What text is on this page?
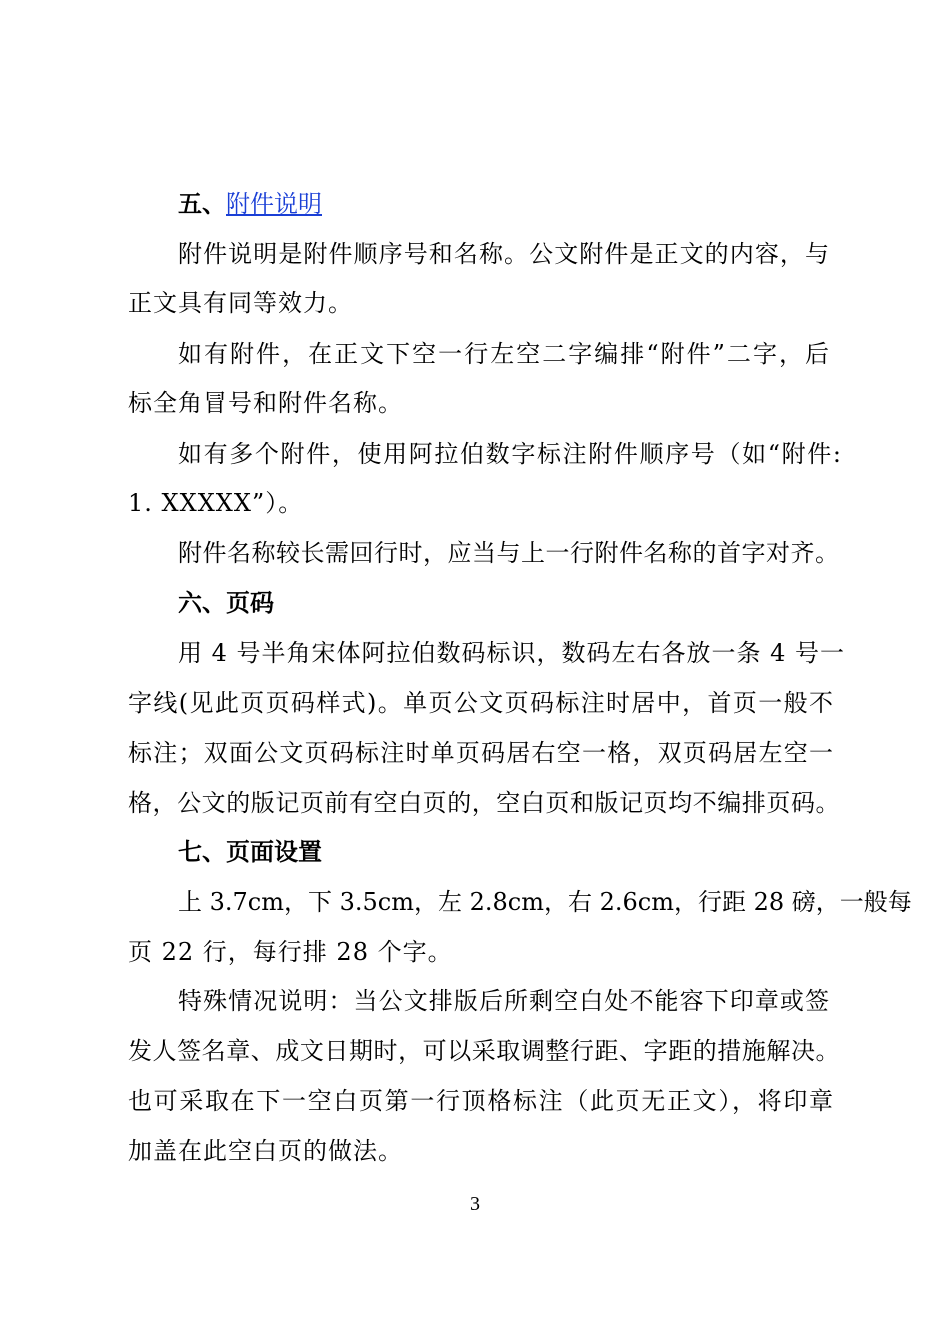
五、附件说明
附件说明是附件顺序号和名称。公文附件是正文的内容，与
正文具有同等效力。
如有附件，在正文下空一行左空二字编排“附件”二字，后
标全角冒号和附件名称。
如有多个附件，使用阿拉伯数字标注附件顺序号（如“附件:
1. XXXXX”）。
附件名称较长需回行时，应当与上一行附件名称的首字对齐。
六、页码
用 4 号半角宋体阿拉伯数码标识，数码左右各放一条 4 号一
字线(见此页页码样式)。单页公文页码标注时居中，首页一般不
标注；双面公文页码标注时单页码居右空一格，双页码居左空一
格，公文的版记页前有空白页的，空白页和版记页均不编排页码。
七、页面设置
上 3.7cm，下 3.5cm，左 2.8cm，右 2.6cm，行距 28 磅，一般每
页 22 行，每行排 28 个字。
特殊情况说明：当公文排版后所剩空白处不能容下印章或签
发人签名章、成文日期时，可以采取调整行距、字距的措施解决。
也可采取在下一空白页第一行顶格标注（此页无正文），将印章
加盖在此空白页的做法。
3
